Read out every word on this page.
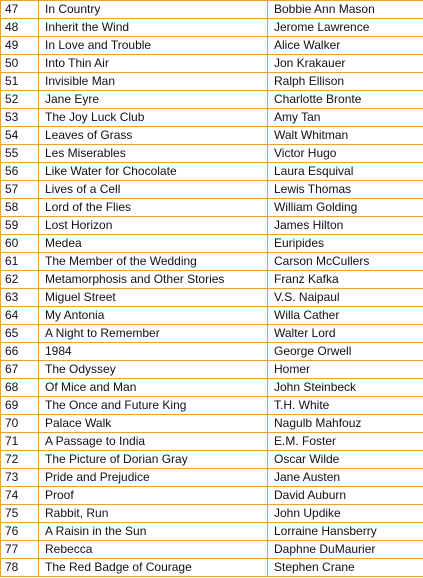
47	In Country	Bobbie Ann Mason
48	Inherit the Wind	Jerome Lawrence
49	In Love and Trouble	Alice Walker
50	Into Thin Air	Jon Krakauer
51	Invisible Man	Ralph Ellison
52	Jane Eyre	Charlotte Bronte
53	The Joy Luck Club	Amy Tan
54	Leaves of Grass	Walt Whitman
55	Les Miserables	Victor Hugo
56	Like Water for Chocolate	Laura Esquival
57	Lives of a Cell	Lewis Thomas
58	Lord of the Flies	William Golding
59	Lost Horizon	James Hilton
60	Medea	Euripides
61	The Member of the Wedding	Carson McCullers
62	Metamorphosis and Other Stories	Franz Kafka
63	Miguel Street	V.S. Naipaul
64	My Antonia	Willa Cather
65	A Night to Remember	Walter Lord
66	1984	George Orwell
67	The Odyssey	Homer
68	Of Mice and Man	John Steinbeck
69	The Once and Future King	T.H. White
70	Palace Walk	Nagulb Mahfouz
71	A Passage to India	E.M. Foster
72	The Picture of Dorian Gray	Oscar Wilde
73	Pride and Prejudice	Jane Austen
74	Proof	David Auburn
75	Rabbit, Run	John Updike
76	A Raisin in the Sun	Lorraine Hansberry
77	Rebecca	Daphne DuMaurier
78	The Red Badge of Courage	Stephen Crane
